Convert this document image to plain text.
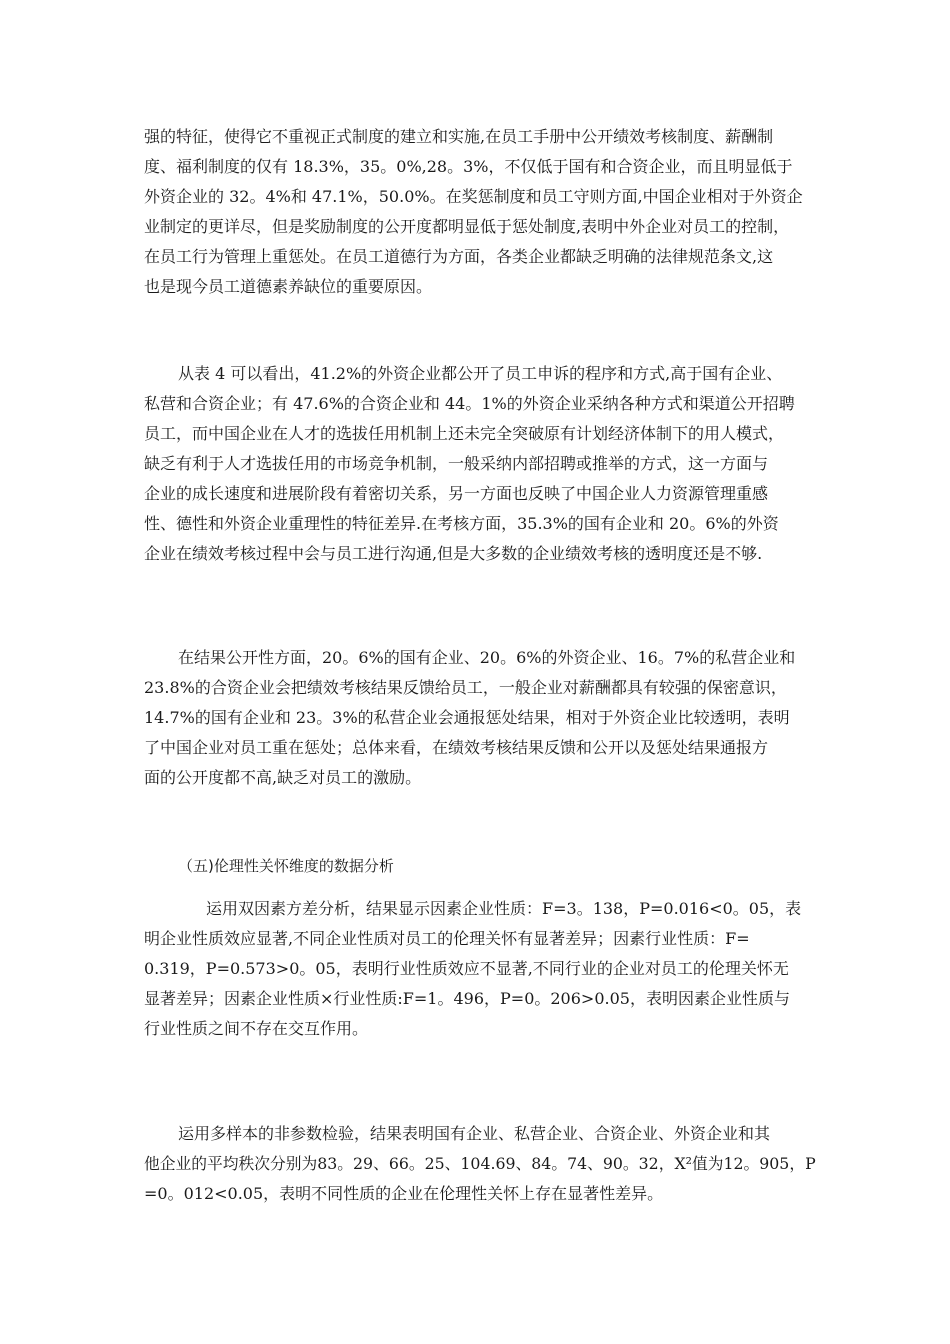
强的特征，使得它不重视正式制度的建立和实施,在员工手册中公开绩效考核制度、薪酬制
度、福利制度的仅有 18.3%，35。0%,28。3%，不仅低于国有和合资企业，而且明显低于
外资企业的 32。4%和 47.1%，50.0%。在奖惩制度和员工守则方面,中国企业相对于外资企
业制定的更详尽，但是奖励制度的公开度都明显低于惩处制度,表明中外企业对员工的控制，
在员工行为管理上重惩处。在员工道德行为方面，各类企业都缺乏明确的法律规范条文,这
也是现今员工道德素养缺位的重要原因。
从表 4 可以看出，41.2%的外资企业都公开了员工申诉的程序和方式,高于国有企业、
私营和合资企业；有 47.6%的合资企业和 44。1%的外资企业采纳各种方式和渠道公开招聘
员工，而中国企业在人才的选拔任用机制上还未完全突破原有计划经济体制下的用人模式，
缺乏有利于人才选拔任用的市场竞争机制，一般采纳内部招聘或推举的方式，这一方面与
企业的成长速度和进展阶段有着密切关系，另一方面也反映了中国企业人力资源管理重感
性、德性和外资企业重理性的特征差异.在考核方面，35.3%的国有企业和 20。6%的外资
企业在绩效考核过程中会与员工进行沟通,但是大多数的企业绩效考核的透明度还是不够.
在结果公开性方面，20。6%的国有企业、20。6%的外资企业、16。7%的私营企业和
23.8%的合资企业会把绩效考核结果反馈给员工，一般企业对薪酬都具有较强的保密意识，
14.7%的国有企业和 23。3%的私营企业会通报惩处结果，相对于外资企业比较透明，表明
了中国企业对员工重在惩处；总体来看，在绩效考核结果反馈和公开以及惩处结果通报方
面的公开度都不高,缺乏对员工的激励。
（五)伦理性关怀维度的数据分析
运用双因素方差分析，结果显示因素企业性质：F=3。138，P=0.016<0。05，表
明企业性质效应显著,不同企业性质对员工的伦理关怀有显著差异；因素行业性质：F=
0.319，P=0.573>0。05，表明行业性质效应不显著,不同行业的企业对员工的伦理关怀无
显著差异；因素企业性质×行业性质:F=1。496，P=0。206>0.05，表明因素企业性质与
行业性质之间不存在交互作用。
运用多样本的非参数检验，结果表明国有企业、私营企业、合资企业、外资企业和其
他企业的平均秩次分别为83。29、66。25、104.69、84。74、90。32，X²值为12。905，P
=0。012<0.05，表明不同性质的企业在伦理性关怀上存在显著性差异。
